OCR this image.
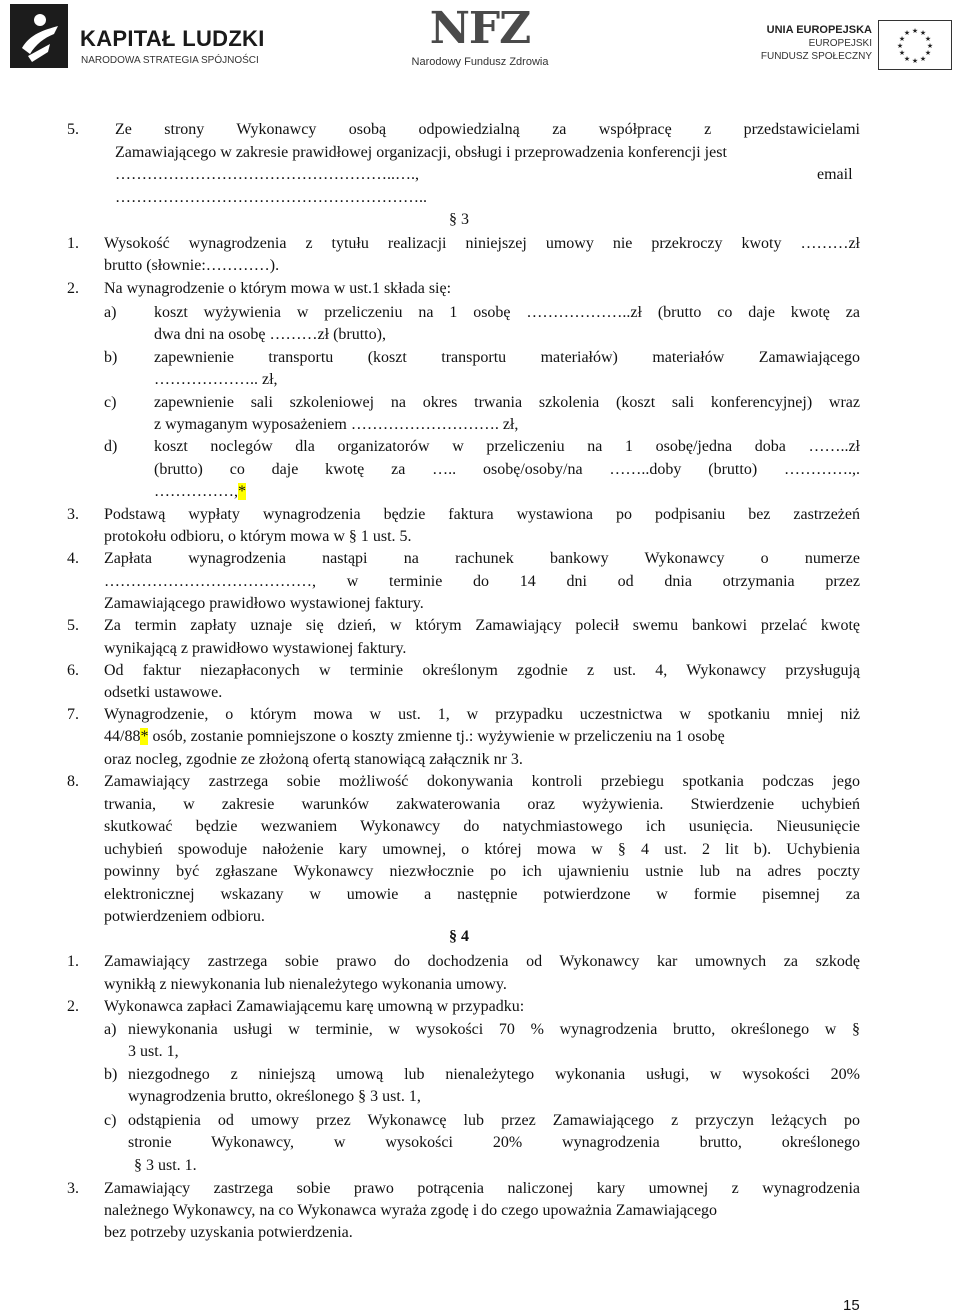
KAPITAŁ LUDZKI
NARODOWA STRATEGIA SPÓJNOŚCI
NFZ
Narodowy Fundusz Zdrowia
UNIA EUROPEJSKA
EUROPEJSKI
FUNDUSZ SPOŁECZNY
★ ★
★
★
★
★
★
★
★
★
★
★
5. Ze strony Wykonawcy osobą odpowiedzialną za współpracę z przedstawicielami
Zamawiającego w zakresie prawidłowej organizacji, obsługi i przeprowadzenia konferencji jest
……………………………………………..….,	email
…………………………………………………..
§ 3
1. Wysokość wynagrodzenia z tytułu realizacji niniejszej umowy nie przekroczy kwoty ………zł
brutto (słownie:…………).
2. Na wynagrodzenie o którym mowa w ust.1 składa się:
a) koszt wyżywienia w przeliczeniu na 1 osobę ………………..zł (brutto co daje kwotę za
dwa dni na osobę ………zł (brutto),
b) zapewnienie transportu (koszt transportu materiałów) materiałów Zamawiającego
……………….. zł,
c) zapewnienie sali szkoleniowej na okres trwania szkolenia (koszt sali konferencyjnej) wraz
z wymaganym wyposażeniem ………………………. zł,
d) koszt noclegów dla organizatorów w przeliczeniu na 1 osobę/jedna doba ……..zł
(brutto) co daje kwotę za ….. osobę/osoby/na ……..doby (brutto) ………….,.
……………,*
3. Podstawą wypłaty wynagrodzenia będzie faktura wystawiona po podpisaniu bez zastrzeżeń
protokołu odbioru, o którym mowa w § 1 ust. 5.
4. Zapłata wynagrodzenia nastąpi na rachunek bankowy Wykonawcy o numerze
…………………………………, w terminie do 14 dni od dnia otrzymania przez
Zamawiającego prawidłowo wystawionej faktury.
5. Za termin zapłaty uznaje się dzień, w którym Zamawiający polecił swemu bankowi przelać kwotę
wynikającą z prawidłowo wystawionej faktury.
6. Od faktur niezapłaconych w terminie określonym zgodnie z ust. 4, Wykonawcy przysługują
odsetki ustawowe.
7. Wynagrodzenie, o którym mowa w ust. 1, w przypadku uczestnictwa w spotkaniu mniej niż
44/88* osób, zostanie pomniejszone o koszty zmienne tj.: wyżywienie w przeliczeniu na 1 osobę
oraz nocleg, zgodnie ze złożoną ofertą stanowiącą załącznik nr 3.
8. Zamawiający zastrzega sobie możliwość dokonywania kontroli przebiegu spotkania podczas jego
trwania, w zakresie warunków zakwaterowania oraz wyżywienia. Stwierdzenie uchybień
skutkować będzie wezwaniem Wykonawcy do natychmiastowego ich usunięcia. Nieusunięcie
uchybień spowoduje nałożenie kary umownej, o której mowa w § 4 ust. 2 lit b). Uchybienia
powinny być zgłaszane Wykonawcy niezwłocznie po ich ujawnieniu ustnie lub na adres poczty
elektronicznej wskazany w umowie a następnie potwierdzone w formie pisemnej za
potwierdzeniem odbioru.
§ 4
1. Zamawiający zastrzega sobie prawo do dochodzenia od Wykonawcy kar umownych za szkodę
wynikłą z niewykonania lub nienależytego wykonania umowy.
2. Wykonawca zapłaci Zamawiającemu karę umowną w przypadku:
a) niewykonania usługi w terminie, w wysokości 70 % wynagrodzenia brutto, określonego w §
3 ust. 1,
b) niezgodnego z niniejszą umową lub nienależytego wykonania usługi, w wysokości 20%
wynagrodzenia brutto, określonego § 3 ust. 1,
c) odstąpienia od umowy przez Wykonawcę lub przez Zamawiającego z przyczyn leżących po
stronie Wykonawcy, w wysokości 20% wynagrodzenia brutto, określonego
§ 3 ust. 1.
3. Zamawiający zastrzega sobie prawo potrącenia naliczonej kary umownej z wynagrodzenia
należnego Wykonawcy, na co Wykonawca wyraża zgodę i do czego upoważnia Zamawiającego
bez potrzeby uzyskania potwierdzenia.
15
